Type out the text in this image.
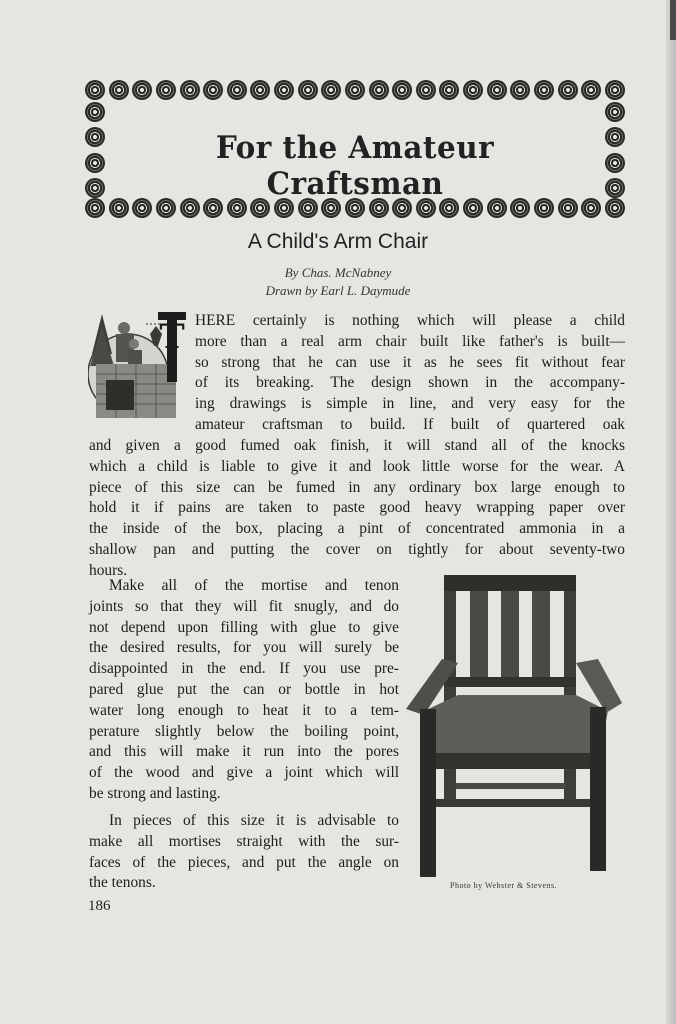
For the Amateur Craftsman
A Child's Arm Chair
By Chas. McNabney
Drawn by Earl L. Daymude
T HERE certainly is nothing which will please a child
more than a real arm chair built like father's is built—
so strong that he can use it as he sees fit without fear
of its breaking. The design shown in the accompany-
ing drawings is simple in line, and very easy for the
amateur craftsman to build. If built of quartered oak
and given a good fumed oak finish, it will stand all of the knocks
which a child is liable to give it and look little worse for the wear. A
piece of this size can be fumed in any ordinary box large enough to
hold it if pains are taken to paste good heavy wrapping paper over
the inside of the box, placing a pint of concentrated ammonia in a
shallow pan and putting the cover on tightly for about seventy-two
hours.
Make all of the mortise and tenon
joints so that they will fit snugly, and do
not depend upon filling with glue to give
the desired results, for you will surely be
disappointed in the end. If you use pre-
pared glue put the can or bottle in hot
water long enough to heat it to a tem-
perature slightly below the boiling point,
and this will make it run into the pores
of the wood and give a joint which will
be strong and lasting.
In pieces of this size it is advisable to
make all mortises straight with the sur-
faces of the pieces, and put the angle on
the tenons.	Photo by Webster & Stevens.
186
